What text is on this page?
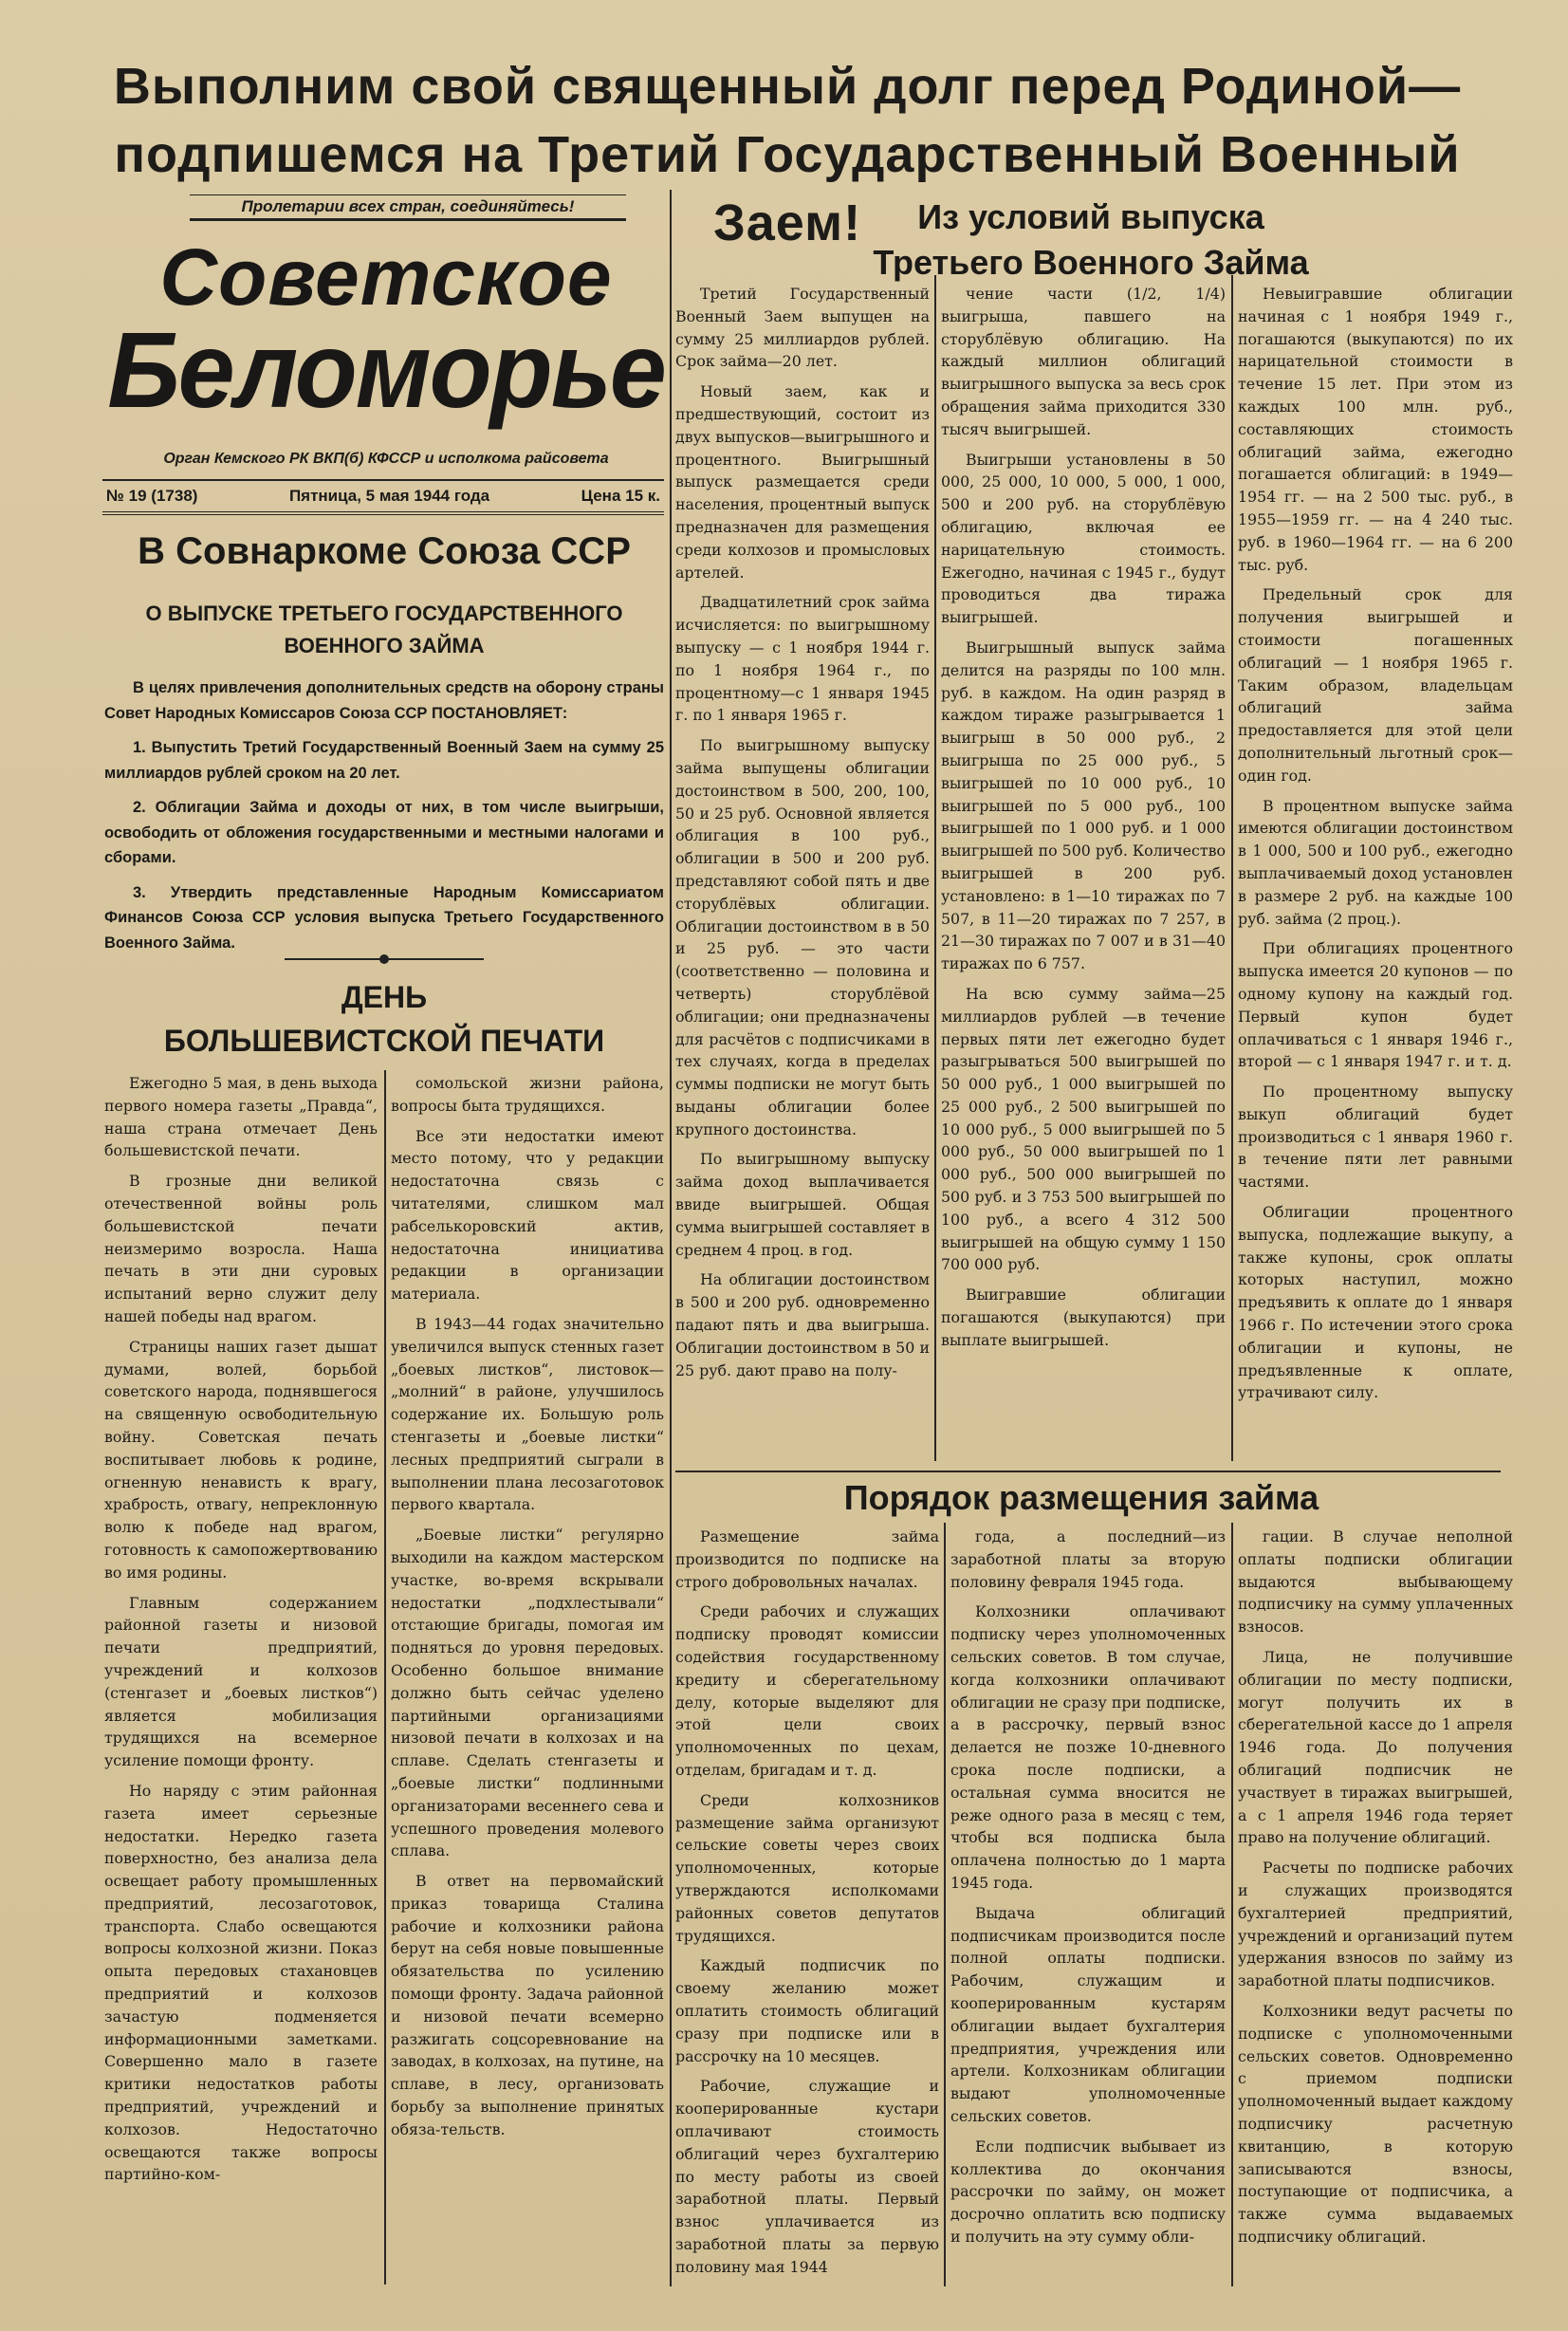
Выполним свой священный долг перед Родиной—
подпишемся на Третий Государственный Военный Заем!
Пролетарии всех стран, соединяйтесь!
Советское
Беломорье
Орган Кемского РК ВКП(б) КФССР и исполкома райсовета
№ 19 (1738)	Пятница, 5 мая 1944 года	Цена 15 к.
В Совнаркоме Союза ССР
О ВЫПУСКЕ ТРЕТЬЕГО ГОСУДАРСТВЕННОГО
ВОЕННОГО ЗАЙМА

В целях привлечения дополнительных средств на оборону страны Совет Народных Комиссаров Союза ССР ПОСТАНОВЛЯЕТ:

1. Выпустить Третий Государственный Военный Заем на сумму 25 миллиардов рублей сроком на 20 лет.

2. Облигации Займа и доходы от них, в том числе выигрыши, освободить от обложения государственными и местными налогами и сборами.

3. Утвердить представленные Народным Комиссариатом Финансов Союза ССР условия выпуска Третьего Государственного Военного Займа.

ДЕНЬ
БОЛЬШЕВИСТСКОЙ ПЕЧАТИ

Ежегодно 5 мая, в день выхода первого номера газеты „Правда“, наша страна отмечает День большевистской печати.

В грозные дни великой отечественной войны роль большевистской печати неизмеримо возросла. Наша печать в эти дни суровых испытаний верно служит делу нашей победы над врагом.

Страницы наших газет дышат думами, волей, борьбой советского народа, поднявшегося на священную освободительную войну. Советская печать воспитывает любовь к родине, огненную ненависть к врагу, храбрость, отвагу, непреклонную волю к победе над врагом, готовность к самопожертвованию во имя родины.

Главным содержанием районной газеты и низовой печати предприятий, учреждений и колхозов (стенгазет и „боевых листков“) является мобилизация трудящихся на всемерное усиление помощи фронту.

Но наряду с этим районная газета имеет серьезные недостатки. Нередко газета поверхностно, без анализа дела освещает работу промышленных предприятий, лесозаготовок, транспорта. Слабо освещаются вопросы колхозной жизни. Показ опыта передовых стахановцев предприятий и колхозов зачастую подменяется информационными заметками. Совершенно мало в газете критики недостатков работы предприятий, учреждений и колхозов. Недостаточно освещаются также вопросы партийно-ком-

сомольской жизни района, вопросы быта трудящихся.

Все эти недостатки имеют место потому, что у редакции недостаточна связь с читателями, слишком мал рабселькоровский актив, недостаточна инициатива редакции в организации материала.

В 1943—44 годах значительно увеличился выпуск стенных газет „боевых листков“, листовок—„молний“ в районе, улучшилось содержание их. Большую роль стенгазеты и „боевые листки“ лесных предприятий сыграли в выполнении плана лесозаготовок первого квартала.

„Боевые листки“ регулярно выходили на каждом мастерском участке, во-время вскрывали недостатки „подхлестывали“ отстающие бригады, помогая им подняться до уровня передовых. Особенно большое внимание должно быть сейчас уделено партийными организациями низовой печати в колхозах и на сплаве. Сделать стенгазеты и „боевые листки“ подлинными организаторами весеннего сева и успешного проведения молевого сплава.

В ответ на первомайский приказ товарища Сталина рабочие и колхозники района берут на себя новые повышенные обязательства по усилению помощи фронту. Задача районной и низовой печати всемерно разжигать соцсоревнование на заводах, в колхозах, на путине, на сплаве, в лесу, организовать борьбу за выполнение принятых обяза-тельств.

Из условий выпуска
Третьего Военного Займа

Третий Государственный Военный Заем выпущен на сумму 25 миллиардов рублей. Срок займа—20 лет.

Новый заем, как и предшествующий, состоит из двух выпусков—выигрышного и процентного. Выигрышный выпуск размещается среди населения, процентный выпуск предназначен для размещения среди колхозов и промысловых артелей.

Двадцатилетний срок займа исчисляется: по выигрышному выпуску — с 1 ноября 1944 г. по 1 ноября 1964 г., по процентному—с 1 января 1945 г. по 1 января 1965 г.

По выигрышному выпуску займа выпущены облигации достоинством в 500, 200, 100, 50 и 25 руб. Основной является облигация в 100 руб., облигации в 500 и 200 руб. представляют собой пять и две сторублёвых облигации. Облигации достоинством в в 50 и 25 руб. — это части (соответственно — половина и четверть) сторублёвой облигации; они предназначены для расчётов с подписчиками в тех случаях, когда в пределах суммы подписки не могут быть выданы облигации более крупного достоинства.

По выигрышному выпуску займа доход выплачивается ввиде выигрышей. Общая сумма выигрышей составляет в среднем 4 проц. в год.

На облигации достоинством в 500 и 200 руб. одновременно падают пять и два выигрыша. Облигации достоинством в 50 и 25 руб. дают право на полу-

чение части (1/2, 1/4) выигрыша, павшего на сторублёвую облигацию. На каждый миллион облигаций выигрышного выпуска за весь срок обращения займа приходится 330 тысяч выигрышей.

Выигрыши установлены в 50 000, 25 000, 10 000, 5 000, 1 000, 500 и 200 руб. на сторублёвую облигацию, включая ее нарицательную стоимость. Ежегодно, начиная с 1945 г., будут проводиться два тиража выигрышей.

Выигрышный выпуск займа делится на разряды по 100 млн. руб. в каждом. На один разряд в каждом тираже разыгрывается 1 выигрыш в 50 000 руб., 2 выигрыша по 25 000 руб., 5 выигрышей по 10 000 руб., 10 выигрышей по 5 000 руб., 100 выигрышей по 1 000 руб. и 1 000 выигрышей по 500 руб. Количество выигрышей в 200 руб. установлено: в 1—10 тиражах по 7 507, в 11—20 тиражах по 7 257, в 21—30 тиражах по 7 007 и в 31—40 тиражах по 6 757.

На всю сумму займа—25 миллиардов рублей —в течение первых пяти лет ежегодно будет разыгрываться 500 выигрышей по 50 000 руб., 1 000 выигрышей по 25 000 руб., 2 500 выигрышей по 10 000 руб., 5 000 выигрышей по 5 000 руб., 50 000 выигрышей по 1 000 руб., 500 000 выигрышей по 500 руб. и 3 753 500 выигрышей по 100 руб., а всего 4 312 500 выигрышей на общую сумму 1 150 700 000 руб.

Выигравшие облигации погашаются (выкупаются) при выплате выигрышей.

Невыигравшие облигации начиная с 1 ноября 1949 г., погашаются (выкупаются) по их нарицательной стоимости в течение 15 лет. При этом из каждых 100 млн. руб., составляющих стоимость облигаций займа, ежегодно погашается облигаций: в 1949—1954 гг. — на 2 500 тыс. руб., в 1955—1959 гг. — на 4 240 тыс. руб. в 1960—1964 гг. — на 6 200 тыс. руб.

Предельный срок для получения выигрышей и стоимости погашенных облигаций — 1 ноября 1965 г. Таким образом, владельцам облигаций займа предоставляется для этой цели дополнительный льготный срок—один год.

В процентном выпуске займа имеются облигации достоинством в 1 000, 500 и 100 руб., ежегодно выплачиваемый доход установлен в размере 2 руб. на каждые 100 руб. займа (2 проц.).

При облигациях процентного выпуска имеется 20 купонов — по одному купону на каждый год. Первый купон будет оплачиваться с 1 января 1946 г., второй — с 1 января 1947 г. и т. д.

По процентному выпуску выкуп облигаций будет производиться с 1 января 1960 г. в течение пяти лет равными частями.

Облигации процентного выпуска, подлежащие выкупу, а также купоны, срок оплаты которых наступил, можно предъявить к оплате до 1 января 1966 г. По истечении этого срока облигации и купоны, не предъявленные к оплате, утрачивают силу.

Порядок размещения займа

Размещение займа производится по подписке на строго добровольных началах.

Среди рабочих и служащих подписку проводят комиссии содействия государственному кредиту и сберегательному делу, которые выделяют для этой цели своих уполномоченных по цехам, отделам, бригадам и т. д.

Среди колхозников размещение займа организуют сельские советы через своих уполномоченных, которые утверждаются исполкомами районных советов депутатов трудящихся.

Каждый подписчик по своему желанию может оплатить стоимость облигаций сразу при подписке или в рассрочку на 10 месяцев.

Рабочие, служащие и кооперированные кустари оплачивают стоимость облигаций через бухгалтерию по месту работы из своей заработной платы. Первый взнос уплачивается из заработной платы за первую половину мая 1944

года, а последний—из заработной платы за вторую половину февраля 1945 года.

Колхозники оплачивают подписку через уполномоченных сельских советов. В том случае, когда колхозники оплачивают облигации не сразу при подписке, а в рассрочку, первый взнос делается не позже 10-дневного срока после подписки, а остальная сумма вносится не реже одного раза в месяц с тем, чтобы вся подписка была оплачена полностью до 1 марта 1945 года.

Выдача облигаций подписчикам производится после полной оплаты подписки. Рабочим, служащим и кооперированным кустарям облигации выдает бухгалтерия предприятия, учреждения или артели. Колхозникам облигации выдают уполномоченные сельских советов.

Если подписчик выбывает из коллектива до окончания рассрочки по займу, он может досрочно оплатить всю подписку и получить на эту сумму обли-

гации. В случае неполной оплаты подписки облигации выдаются выбывающему подписчику на сумму уплаченных взносов.

Лица, не получившие облигации по месту подписки, могут получить их в сберегательной кассе до 1 апреля 1946 года. До получения облигаций подписчик не участвует в тиражах выигрышей, а с 1 апреля 1946 года теряет право на получение облигаций.

Расчеты по подписке рабочих и служащих производятся бухгалтерией предприятий, учреждений и организаций путем удержания взносов по займу из заработной платы подписчиков.

Колхозники ведут расчеты по подписке с уполномоченными сельских советов. Одновременно с приемом подписки уполномоченный выдает каждому подписчику расчетную квитанцию, в которую записываются взносы, поступающие от подписчика, а также сумма выдаваемых подписчику облигаций.
